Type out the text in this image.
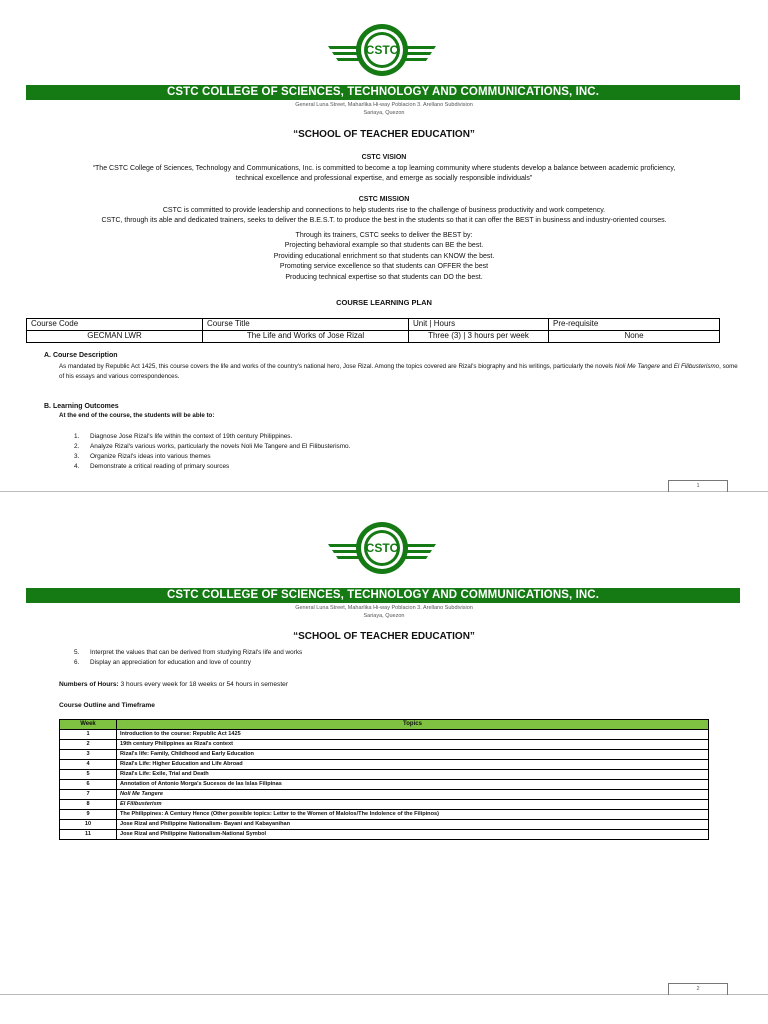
CSTC
CSTC COLLEGE OF SCIENCES, TECHNOLOGY AND COMMUNICATIONS, INC.
General Luna Street, Maharlika Hi-way Poblacion 3. Arellano Subdivision
Sariaya, Quezon
“SCHOOL OF TEACHER EDUCATION”
CSTC VISION
“The CSTC College of Sciences, Technology and Communications, Inc. is committed to become a top learning community where students develop a balance between academic proficiency,
technical excellence and professional expertise, and emerge as socially responsible individuals”
CSTC MISSION
CSTC is committed to provide leadership and connections to help students rise to the challenge of business productivity and work competency.
CSTC, through its able and dedicated trainers, seeks to deliver the B.E.S.T. to produce the best in the students so that it can offer the BEST in business and industry-oriented courses.
Through its trainers, CSTC seeks to deliver the BEST by:
Projecting behavioral example so that students can BE the best.
Providing educational enrichment so that students can KNOW the best.
Promoting service excellence so that students can OFFER the best
Producing technical expertise so that students can DO the best.
COURSE LEARNING PLAN
Course Code	Course Title	Unit | Hours	Pre-requisite
GECMAN LWR	The Life and Works of Jose Rizal	Three (3) | 3 hours per week	None
A. Course Description
As mandated by Republic Act 1425, this course covers the life and works of the country's national hero, Jose Rizal. Among the topics covered are Rizal's biography and his writings, particularly the novels Noli Me Tangere and El Filibusterismo, some of his essays and various correspondences.
B. Learning Outcomes
At the end of the course, the students will be able to:
1.	Diagnose Jose Rizal's life within the context of 19th century Philippines.
2.	Analyze Rizal's various works, particularly the novels Noli Me Tangere and El Filibusterismo.
3.	Organize Rizal's ideas into various themes
4.	Demonstrate a critical reading of primary sources
1
CSTC
CSTC COLLEGE OF SCIENCES, TECHNOLOGY AND COMMUNICATIONS, INC.
General Luna Street, Maharlika Hi-way Poblacion 3. Arellano Subdivision
Sariaya, Quezon
“SCHOOL OF TEACHER EDUCATION”
5.	Interpret the values that can be derived from studying Rizal's life and works
6.	Display an appreciation for education and love of country
Numbers of Hours: 3 hours every week for 18 weeks or 54 hours in semester
Course Outline and Timeframe
Week	Topics
1	Introduction to the course: Republic Act 1425
2	19th century Philippines as Rizal's context
3	Rizal's life: Family, Childhood and Early Education
4	Rizal's Life: Higher Education and Life Abroad
5	Rizal's Life: Exile, Trial and Death
6	Annotation of Antonio Morga's Sucesos de las Islas Filipinas
7	Noli Me Tangere
8	El Filibusterism
9	The Philippines: A Century Hence (Other possible topics: Letter to the Women of Malolos/The Indolence of the Filipinos)
10	Jose Rizal and Philippine Nationalism- Bayani and Kabayanihan
11	Jose Rizal and Philippine Nationalism-National Symbol
2
